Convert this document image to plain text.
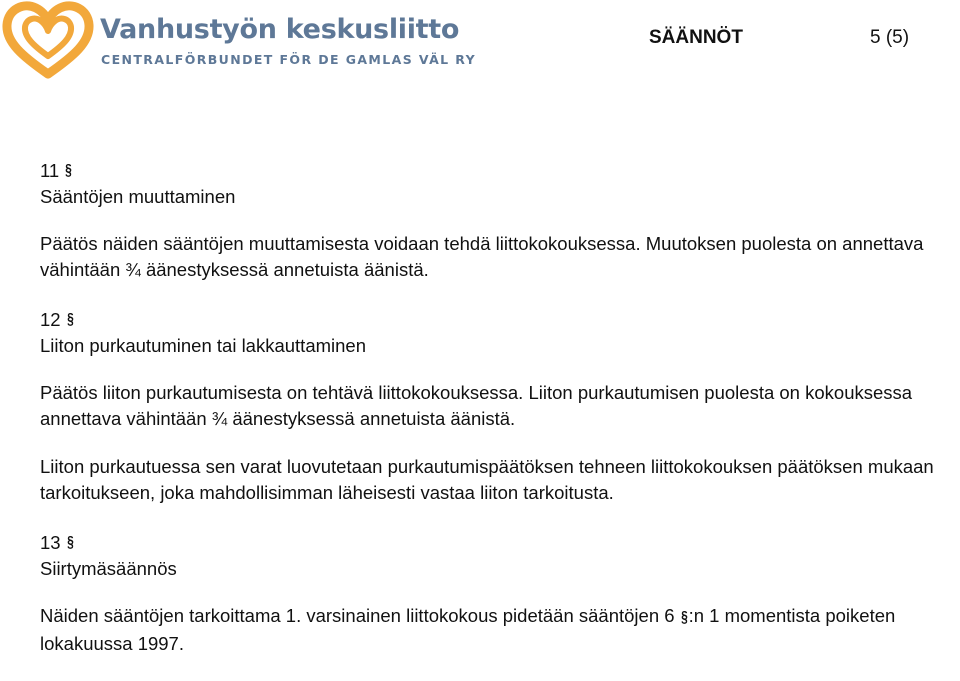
Vanhustyön keskusliitto
CENTRALFÖRBUNDET FÖR DE GAMLAS VÄL RY
SÄÄNNÖT	5 (5)
11 §
Sääntöjen muuttaminen

Päätös näiden sääntöjen muuttamisesta voidaan tehdä liittokokouksessa. Muutoksen puolesta on annettava vähintään ¾ äänestyksessä annetuista äänistä.

12 §
Liiton purkautuminen tai lakkauttaminen

Päätös liiton purkautumisesta on tehtävä liittokokouksessa. Liiton purkautumisen puolesta on kokouksessa annettava vähintään ¾ äänestyksessä annetuista äänistä.

Liiton purkautuessa sen varat luovutetaan purkautumispäätöksen tehneen liittokokouksen päätöksen mukaan tarkoitukseen, joka mahdollisimman läheisesti vastaa liiton tarkoitusta.

13 §
Siirtymäsäännös
Näiden sääntöjen tarkoittama 1. varsinainen liittokokous pidetään sääntöjen 6 §:n 1 momentista poiketen
lokakuussa 1997.
